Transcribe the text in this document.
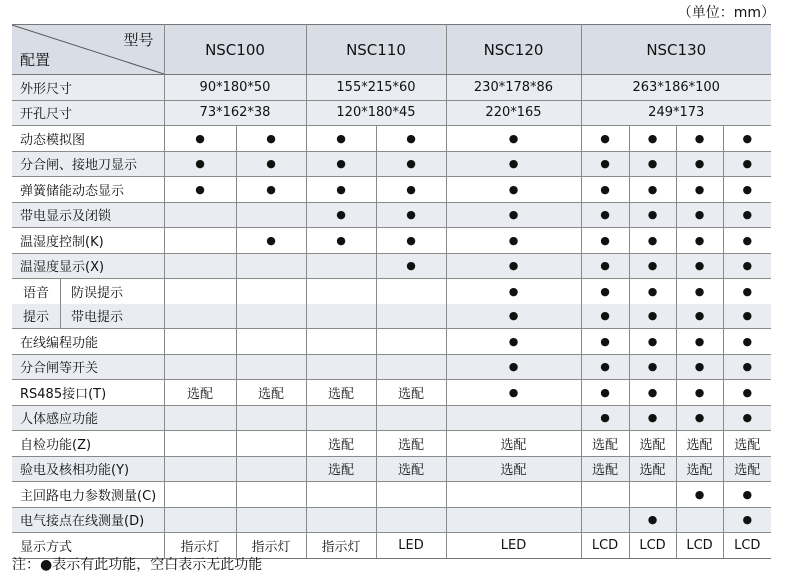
（单位：mm）
型号
配置	NSC100		NSC110		NSC120	NSC130			
外形尺寸	90*180*50		155*215*60		230*178*86	263*186*100			
开孔尺寸	73*162*38		120*180*45		220*165	249*173			
动态模拟图	●	●	●	●	●	●	●	●	●
分合闸、接地刀显示	●	●	●	●	●	●	●	●	●
弹簧储能动态显示	●	●	●	●	●	●	●	●	●
带电显示及闭锁			●	●	●	●	●	●	●
温湿度控制(K)		●	●	●	●	●	●	●	●
温湿度显示(X)				●	●	●	●	●	●

语音 防误提示					●	●	●	●	●

提示 带电提示					●	●	●	●	●
在线编程功能					●	●	●	●	●
分合闸等开关					●	●	●	●	●
RS485接口(T)	选配	选配	选配	选配	●	●	●	●	●
人体感应功能						●	●	●	●
自检功能(Z)			选配	选配	选配	选配	选配	选配	选配
验电及核相功能(Y)			选配	选配	选配	选配	选配	选配	选配
主回路电力参数测量(C)								●	●
电气接点在线测量(D)							●		●
显示方式	指示灯	指示灯	指示灯	LED	LED	LCD	LCD	LCD	LCD
注：●表示有此功能，空白表示无此功能
